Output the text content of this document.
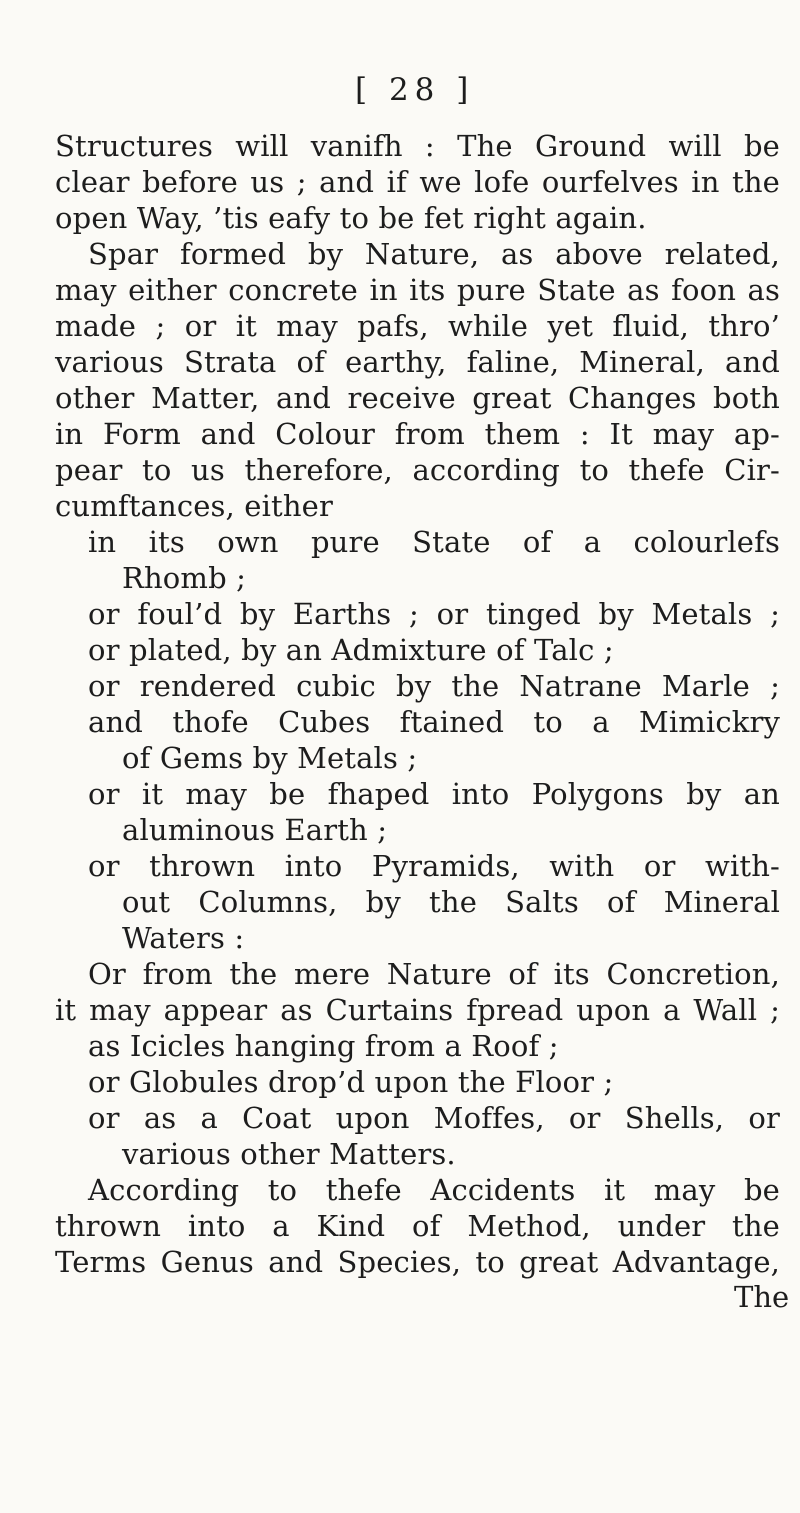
[ 28 ]
Structures will vanifh : The Ground will be
clear before us ; and if we lofe ourfelves in the
open Way, ’tis eafy to be fet right again.
Spar formed by Nature, as above related,
may either concrete in its pure State as foon as
made ; or it may pafs, while yet fluid, thro’
various Strata of earthy, faline, Mineral, and
other Matter, and receive great Changes both
in Form and Colour from them : It may ap-
pear to us therefore, according to thefe Cir-
cumftances, either
in its own pure State of a colourlefs
Rhomb ;
or foul’d by Earths ; or tinged by Metals ;
or plated, by an Admixture of Talc ;
or rendered cubic by the Natrane Marle ;
and thofe Cubes ftained to a Mimickry
of Gems by Metals ;
or it may be fhaped into Polygons by an
aluminous Earth ;
or thrown into Pyramids, with or with-
out Columns, by the Salts of Mineral
Waters :
Or from the mere Nature of its Concretion,
it may appear as Curtains fpread upon a Wall ;
as Icicles hanging from a Roof ;
or Globules drop’d upon the Floor ;
or as a Coat upon Moffes, or Shells, or
various other Matters.
According to thefe Accidents it may be
thrown into a Kind of Method, under the
Terms Genus and Species, to great Advantage,
The
